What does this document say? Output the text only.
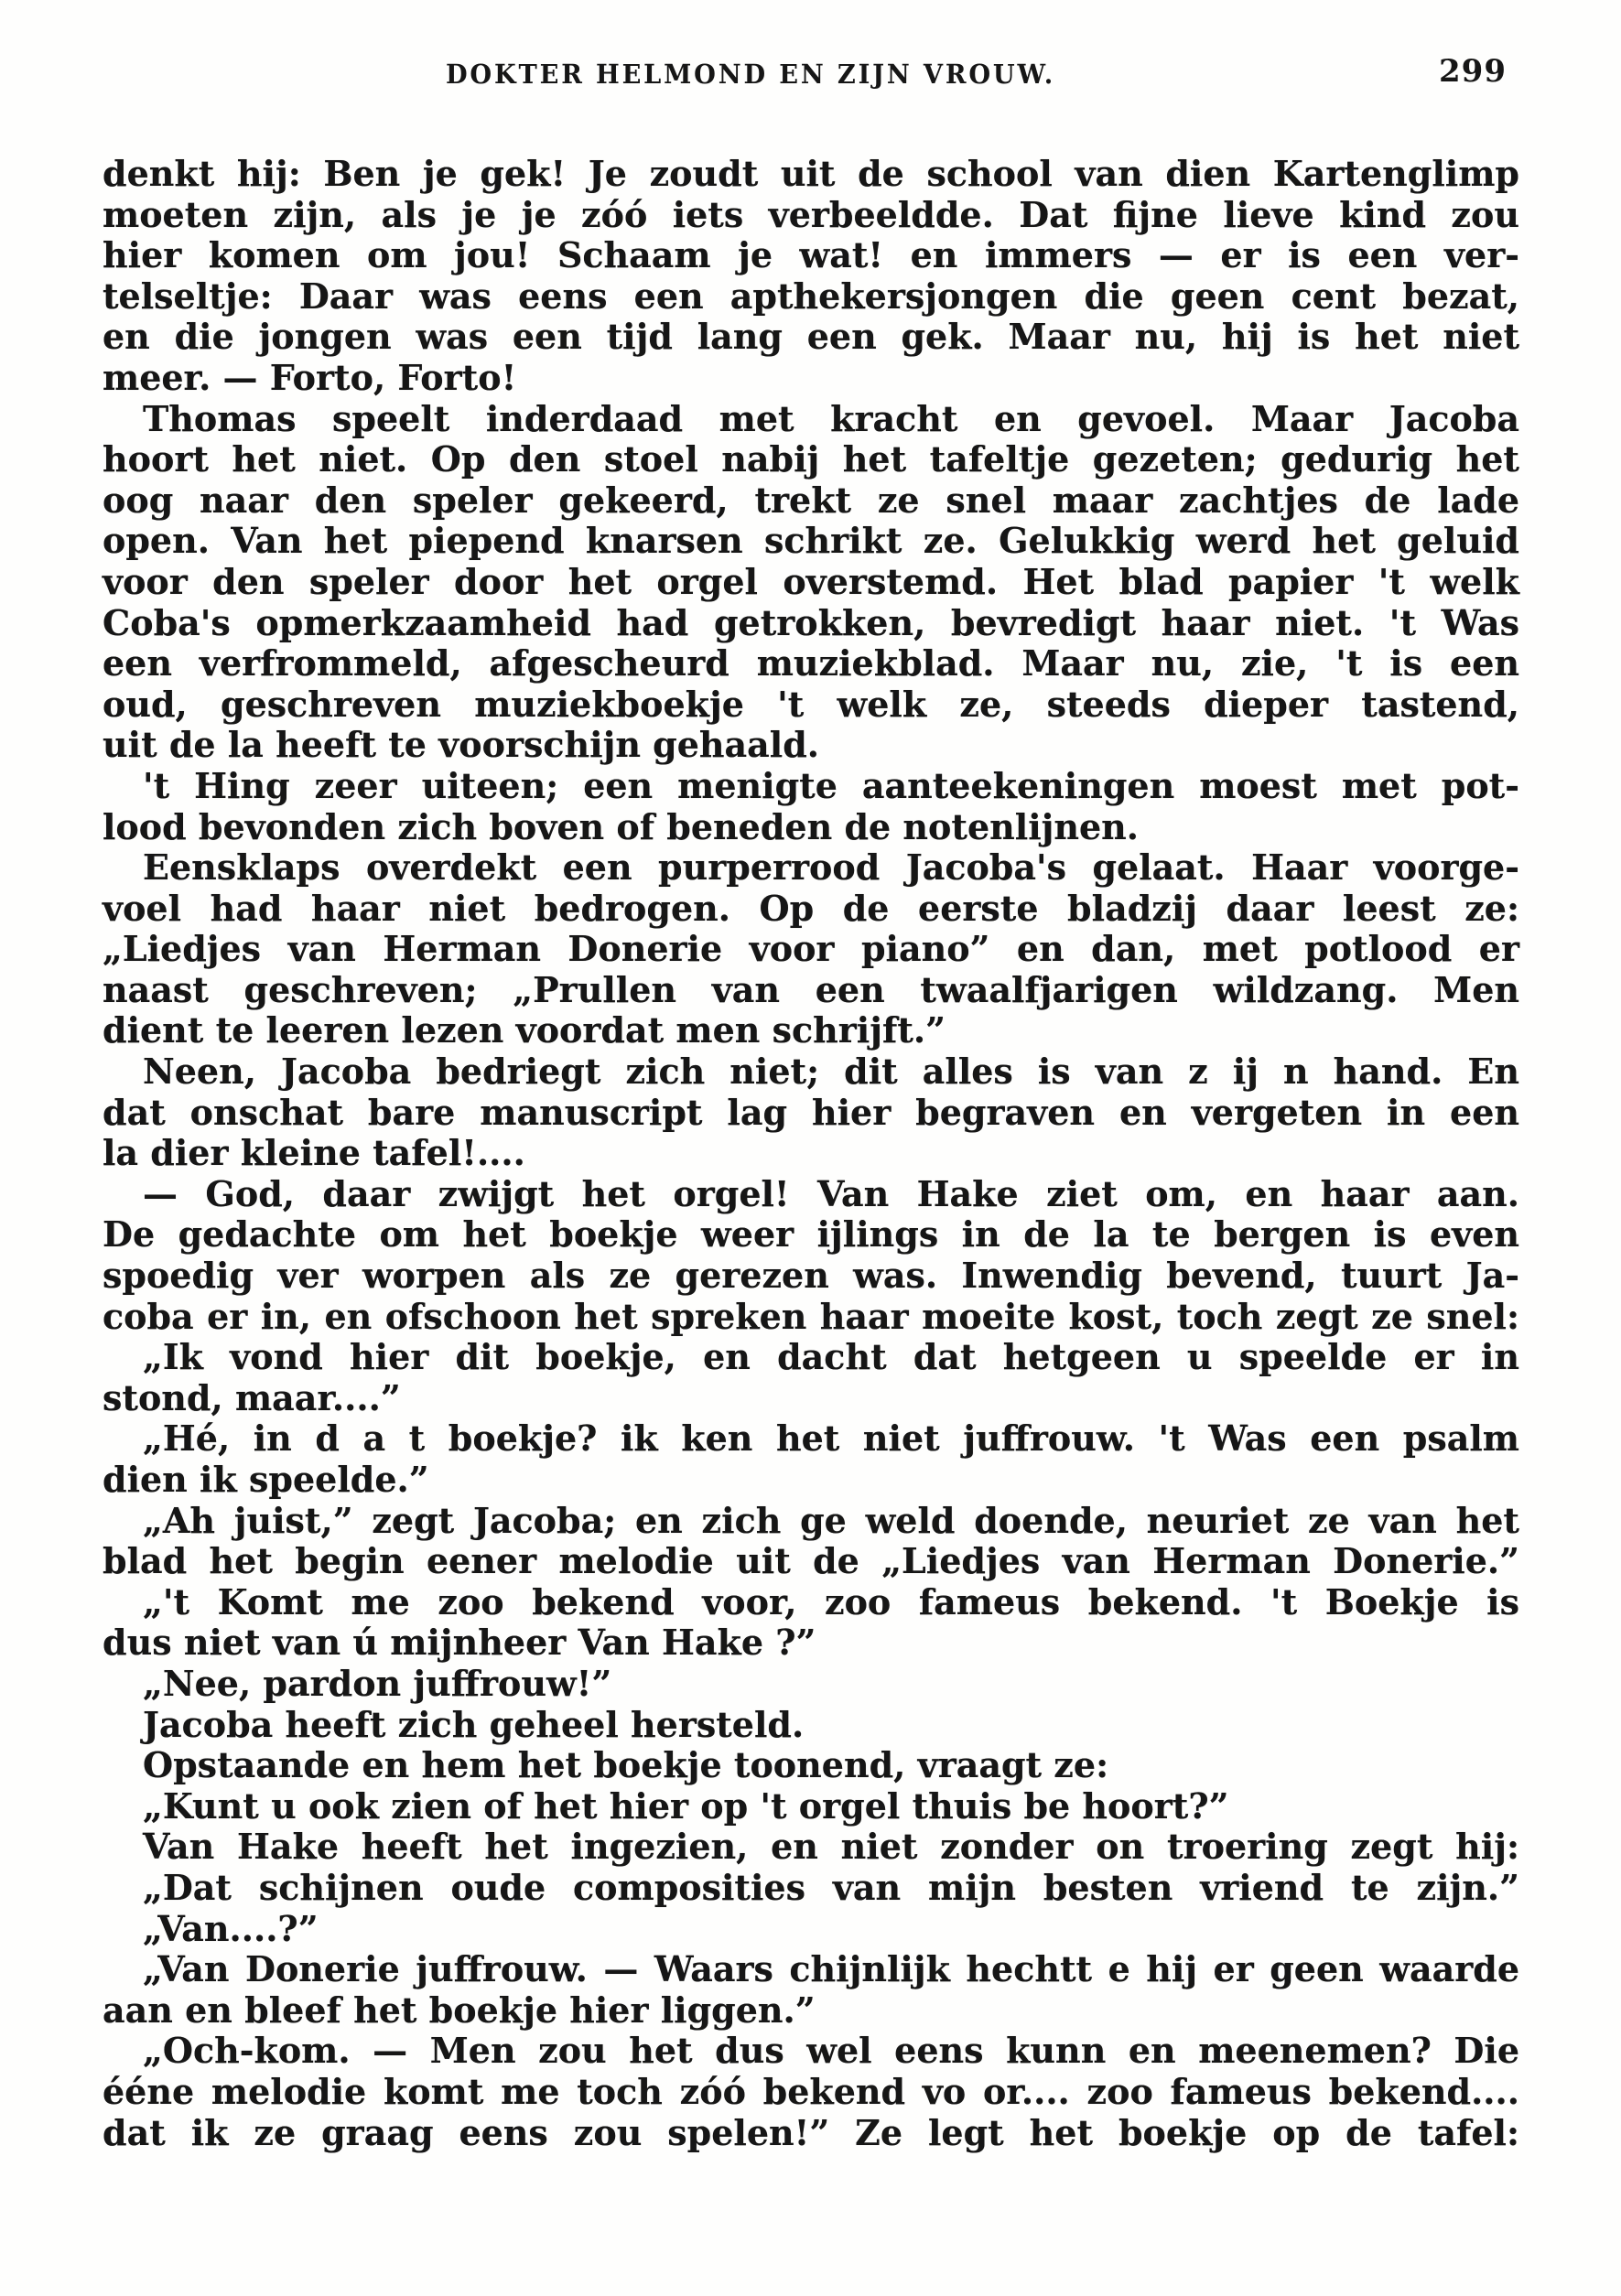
DOKTER HELMOND EN ZIJN VROUW.	299
denkt hij: Ben je gek! Je zoudt uit de school van dien Kartenglimp
moeten zijn, als je je zóó iets verbeeldde. Dat fijne lieve kind zou
hier komen om jou! Schaam je wat! en immers — er is een ver-
telseltje: Daar was eens een apthekersjongen die geen cent bezat,
en die jongen was een tijd lang een gek. Maar nu, hij is het niet
meer. — Forto, Forto!
Thomas speelt inderdaad met kracht en gevoel. Maar Jacoba
hoort het niet. Op den stoel nabij het tafeltje gezeten; gedurig het
oog naar den speler gekeerd, trekt ze snel maar zachtjes de lade
open. Van het piepend knarsen schrikt ze. Gelukkig werd het geluid
voor den speler door het orgel overstemd. Het blad papier 't welk
Coba's opmerkzaamheid had getrokken, bevredigt haar niet. 't Was
een verfrommeld, afgescheurd muziekblad. Maar nu, zie, 't is een
oud, geschreven muziekboekje 't welk ze, steeds dieper tastend,
uit de la heeft te voorschijn gehaald.
't Hing zeer uiteen; een menigte aanteekeningen moest met pot-
lood bevonden zich boven of beneden de notenlijnen.
Eensklaps overdekt een purperrood Jacoba's gelaat. Haar voorge-
voel had haar niet bedrogen. Op de eerste bladzij daar leest ze:
„Liedjes van Herman Donerie voor piano” en dan, met potlood er
naast geschreven; „Prullen van een twaalfjarigen wildzang. Men
dient te leeren lezen voordat men schrijft.”
Neen, Jacoba bedriegt zich niet; dit alles is van z ij n hand. En
dat onschat bare manuscript lag hier begraven en vergeten in een
la dier kleine tafel!....
— God, daar zwijgt het orgel! Van Hake ziet om, en haar aan.
De gedachte om het boekje weer ijlings in de la te bergen is even
spoedig ver worpen als ze gerezen was. Inwendig bevend, tuurt Ja-
coba er in, en ofschoon het spreken haar moeite kost, toch zegt ze snel:
„Ik vond hier dit boekje, en dacht dat hetgeen u speelde er in
stond, maar....”
„Hé, in d a t boekje? ik ken het niet juffrouw. 't Was een psalm
dien ik speelde.”
„Ah juist,” zegt Jacoba; en zich ge weld doende, neuriet ze van het
blad het begin eener melodie uit de „Liedjes van Herman Donerie.”
„'t Komt me zoo bekend voor, zoo fameus bekend. 't Boekje is
dus niet van ú mijnheer Van Hake ?”
„Nee, pardon juffrouw!”
Jacoba heeft zich geheel hersteld.
Opstaande en hem het boekje toonend, vraagt ze:
„Kunt u ook zien of het hier op 't orgel thuis be hoort?”
Van Hake heeft het ingezien, en niet zonder on troering zegt hij:
„Dat schijnen oude composities van mijn besten vriend te zijn.”
„Van....?”
„Van Donerie juffrouw. — Waars chijnlijk hechtt e hij er geen waarde
aan en bleef het boekje hier liggen.”
„Och-kom. — Men zou het dus wel eens kunn en meenemen? Die
ééne melodie komt me toch zóó bekend vo or.... zoo fameus bekend....
dat ik ze graag eens zou spelen!” Ze legt het boekje op de tafel:
